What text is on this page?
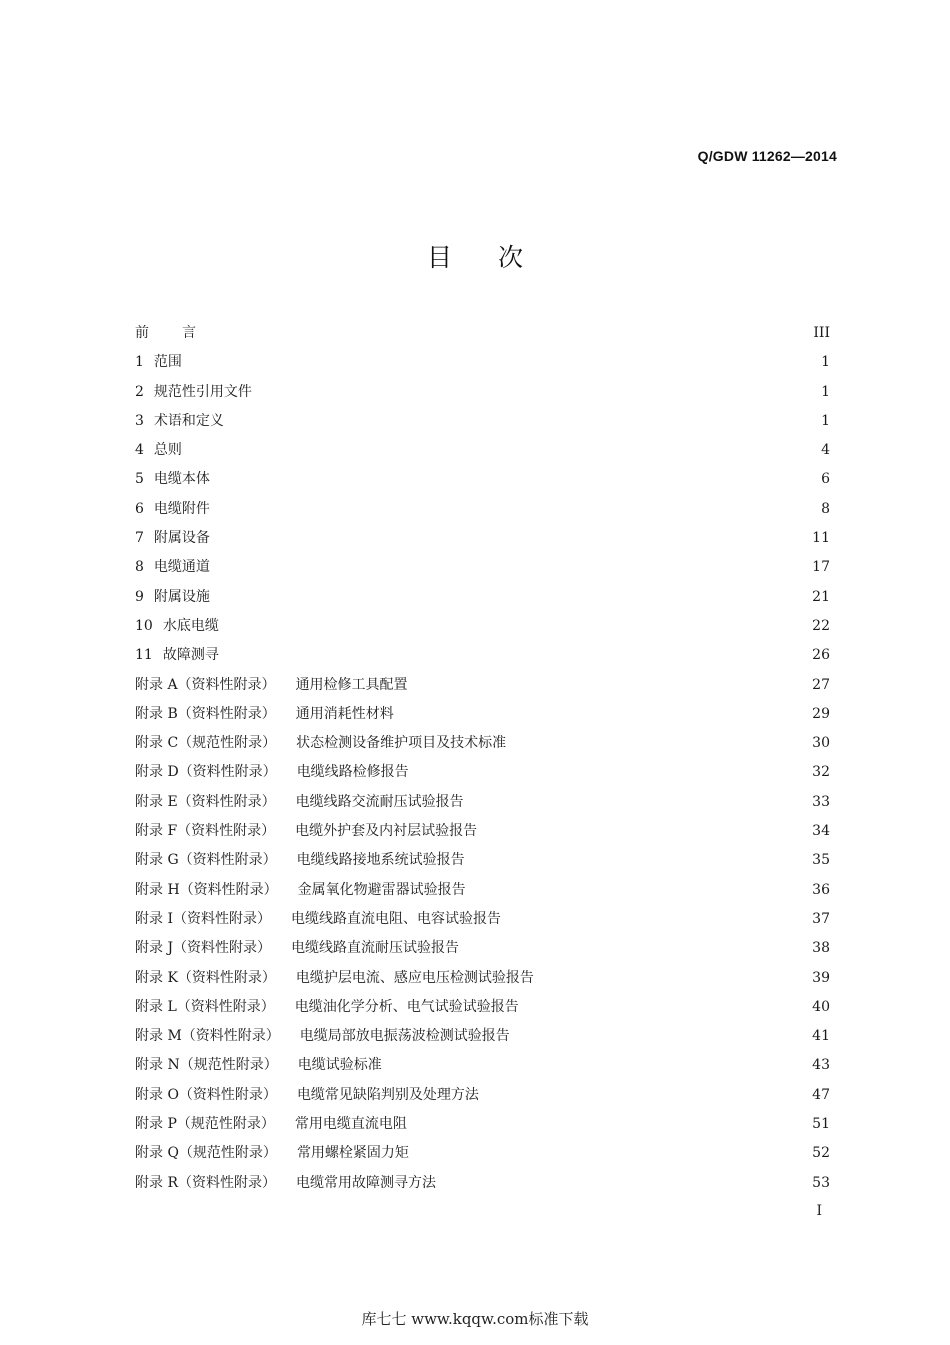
Q/GDW 11262—2014
目次
前言	III
1 范围	1
2 规范性引用文件	1
3 术语和定义	1
4 总则	4
5 电缆本体	6
6 电缆附件	8
7 附属设备	11
8 电缆通道	17
9 附属设施	21
10 水底电缆	22
11 故障测寻	26
附录 A（资料性附录）	通用检修工具配置	27
附录 B（资料性附录）	通用消耗性材料	29
附录 C（规范性附录）	状态检测设备维护项目及技术标准	30
附录 D（资料性附录）	电缆线路检修报告	32
附录 E（资料性附录）	电缆线路交流耐压试验报告	33
附录 F（资料性附录）	电缆外护套及内衬层试验报告	34
附录 G（资料性附录）	电缆线路接地系统试验报告	35
附录 H（资料性附录）	金属氧化物避雷器试验报告	36
附录 I（资料性附录）	电缆线路直流电阻、电容试验报告	37
附录 J（资料性附录）	电缆线路直流耐压试验报告	38
附录 K（资料性附录）	电缆护层电流、感应电压检测试验报告	39
附录 L（资料性附录）	电缆油化学分析、电气试验试验报告	40
附录 M（资料性附录）	电缆局部放电振荡波检测试验报告	41
附录 N（规范性附录）	电缆试验标准	43
附录 O（资料性附录）	电缆常见缺陷判别及处理方法	47
附录 P（规范性附录）	常用电缆直流电阻	51
附录 Q（规范性附录）	常用螺栓紧固力矩	52
附录 R（资料性附录）	电缆常用故障测寻方法	53
I
库七七 www.kqqw.com标准下载
